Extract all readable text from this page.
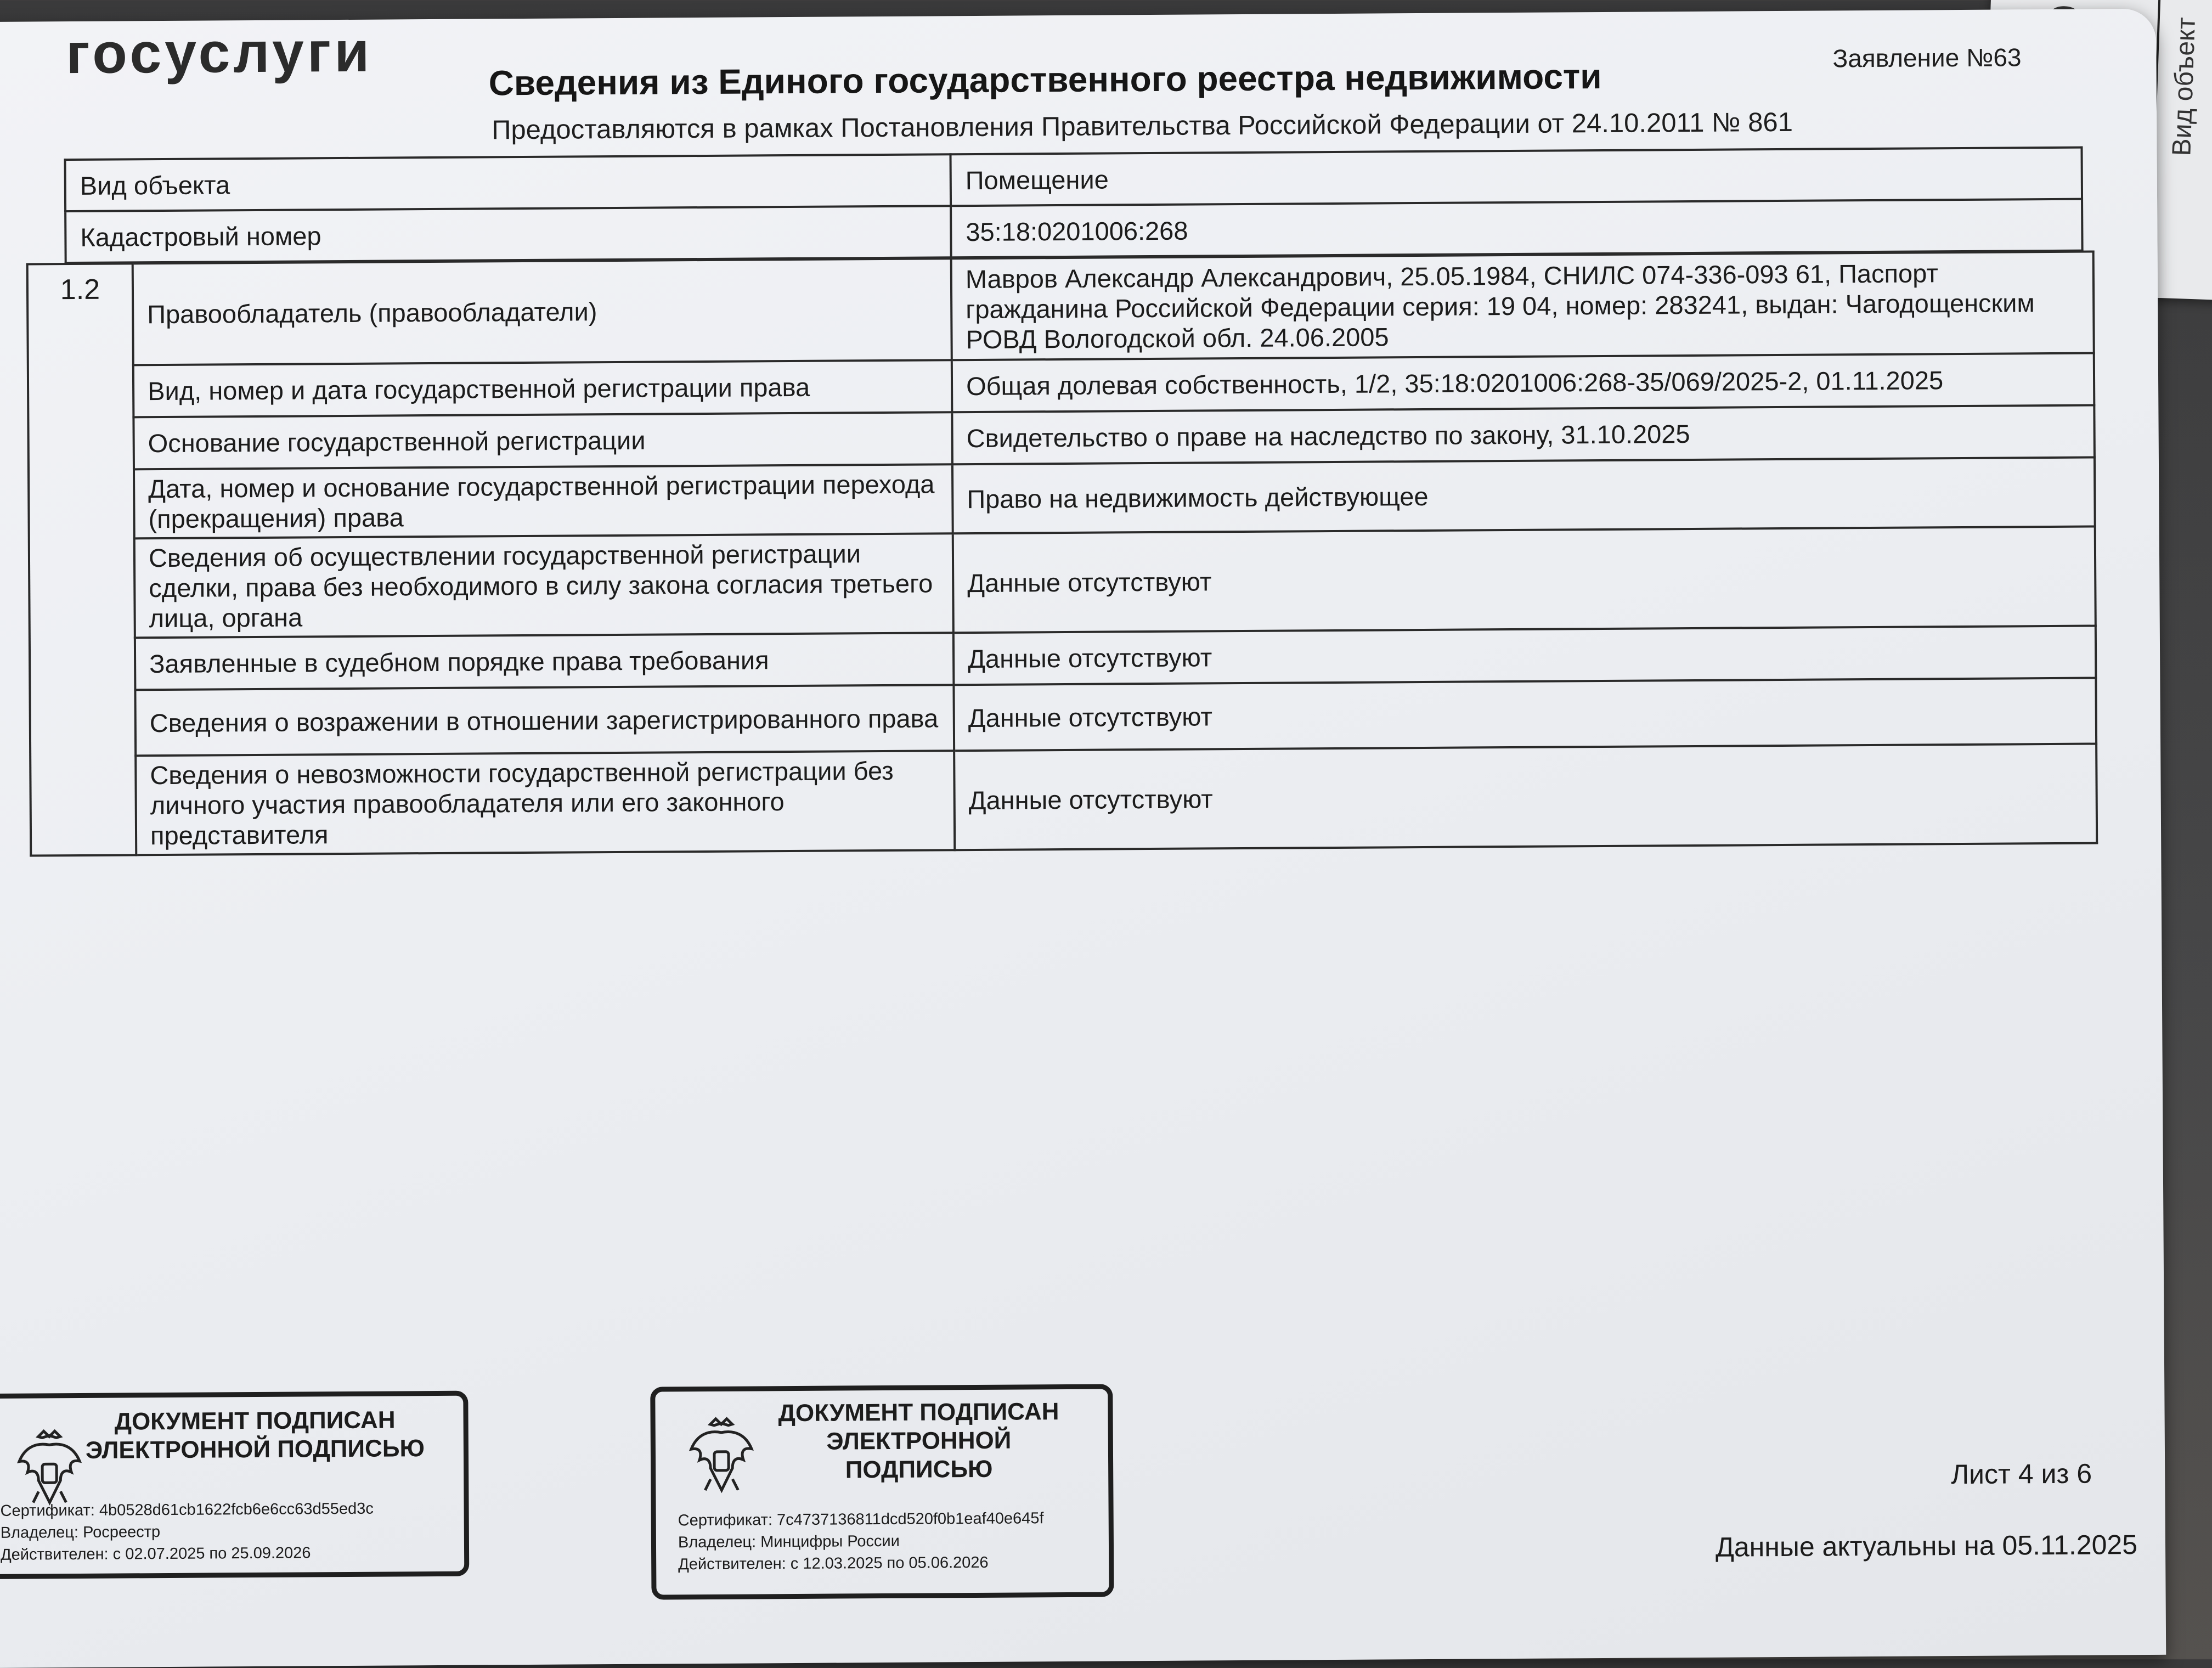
Вид объект
госуслуги	Сведения из Единого государственного реестра недвижимости
Предоставляются в рамках Постановления Правительства Российской Федерации от 24.10.2011 № 861
Заявление №63
Вид объекта	Помещение
Кадастровый номер	35:18:0201006:268
1.2	Правообладатель (правообладатели)	Мавров Александр Александрович, 25.05.1984, СНИЛС 074-336-093 61, Паспорт гражданина Российской Федерации серия: 19 04, номер: 283241, выдан: Чагодощенским РОВД Вологодской обл. 24.06.2005
	Вид, номер и дата государственной регистрации права	Общая долевая собственность, 1/2, 35:18:0201006:268-35/069/2025-2, 01.11.2025
	Основание государственной регистрации	Свидетельство о праве на наследство по закону, 31.10.2025
	Дата, номер и основание государственной регистрации перехода (прекращения) права	Право на недвижимость действующее
	Сведения об осуществлении государственной регистрации сделки, права без необходимого в силу закона согласия третьего лица, органа	Данные отсутствуют
	Заявленные в судебном порядке права требования	Данные отсутствуют
	Сведения о возражении в отношении зарегистрированного права	Данные отсутствуют
	Сведения о невозможности государственной регистрации без личного участия правообладателя или его законного представителя	Данные отсутствуют
ДОКУМЕНТ ПОДПИСАН ЭЛЕКТРОННОЙ ПОДПИСЬЮ
Сертификат: 4b0528d61cb1622fcb6e6cc63d55ed3c
Владелец: Росреестр
Действителен: с 02.07.2025 по 25.09.2026
ДОКУМЕНТ ПОДПИСАН ЭЛЕКТРОННОЙ ПОДПИСЬЮ
Сертификат: 7c4737136811dcd520f0b1eaf40e645f
Владелец: Минцифры России
Действителен: с 12.03.2025 по 05.06.2026
Лист 4 из 6
Данные актуальны на 05.11.2025
